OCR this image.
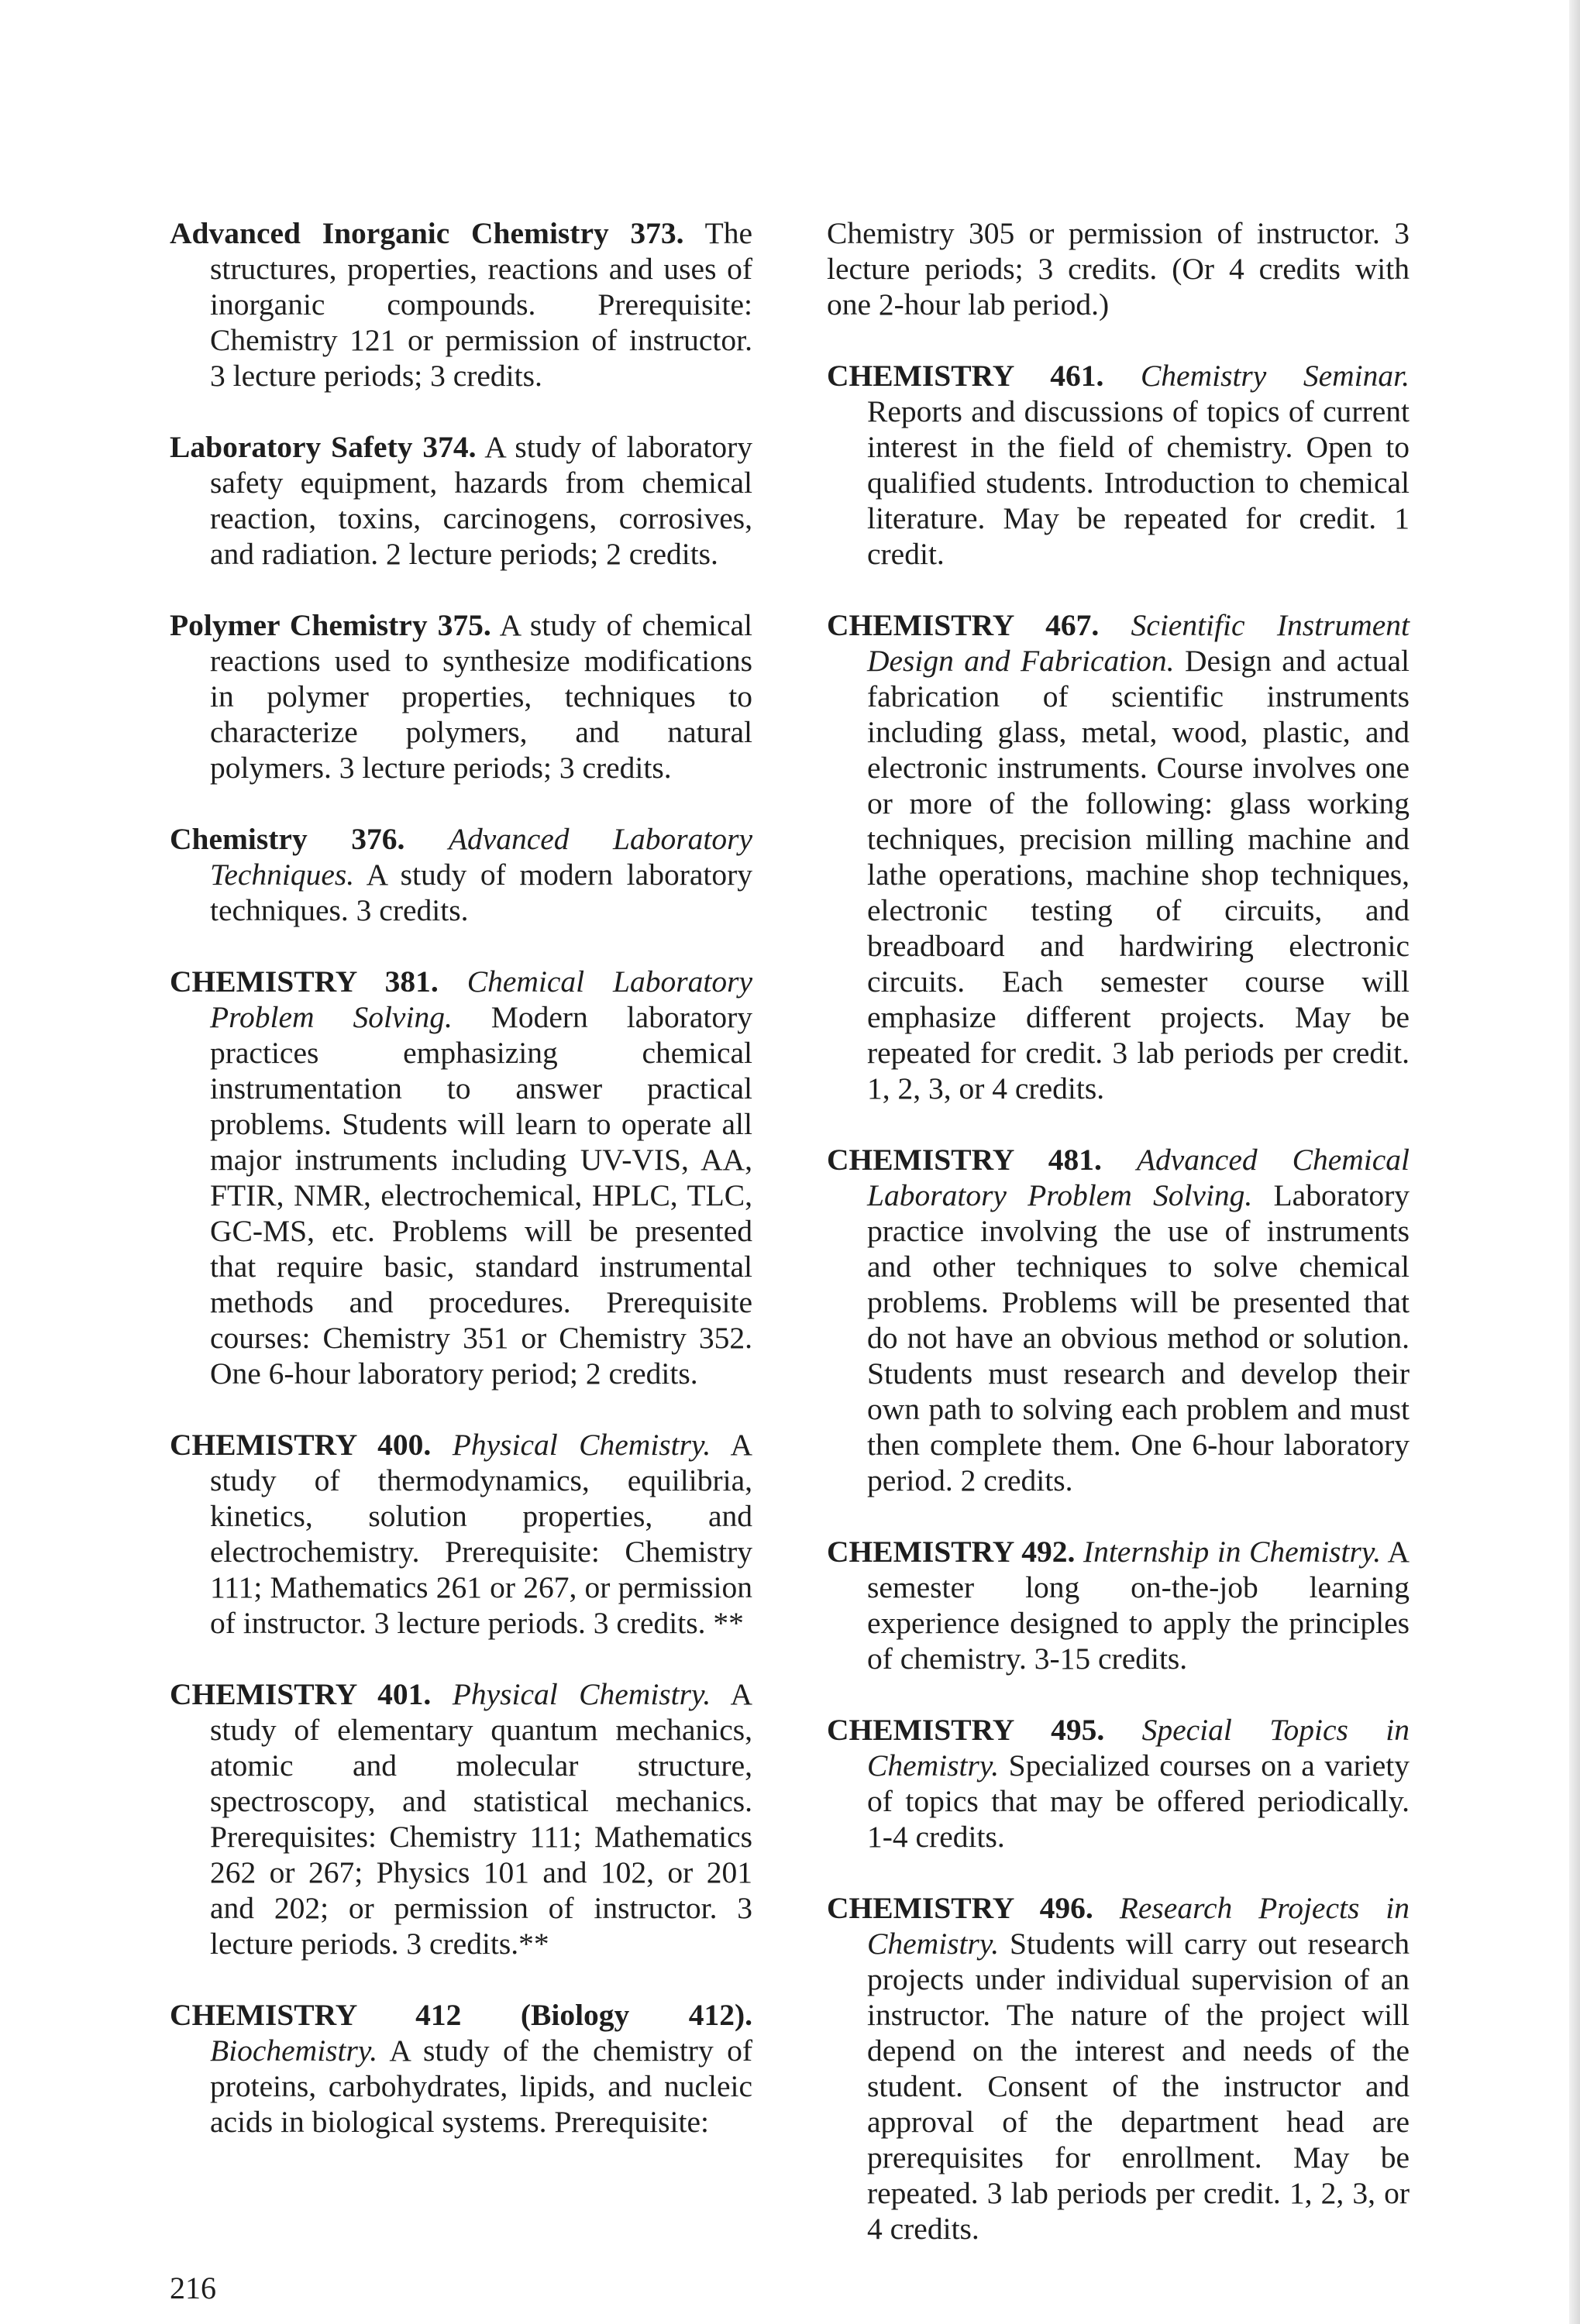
Advanced Inorganic Chemistry 373. The structures, properties, reactions and uses of inorganic compounds. Prerequisite: Chemistry 121 or permission of instructor. 3 lecture periods; 3 credits.

Laboratory Safety 374. A study of laboratory safety equipment, hazards from chemical reaction, toxins, carcinogens, corrosives, and radiation. 2 lecture periods; 2 credits.

Polymer Chemistry 375. A study of chemical reactions used to synthesize modifications in polymer properties, techniques to characterize polymers, and natural polymers. 3 lecture periods; 3 credits.

Chemistry 376. Advanced Laboratory Techniques. A study of modern laboratory techniques. 3 credits.

CHEMISTRY 381. Chemical Laboratory Problem Solving. Modern laboratory practices emphasizing chemical instrumentation to answer practical problems. Students will learn to operate all major instruments including UV-VIS, AA, FTIR, NMR, electrochemical, HPLC, TLC, GC-MS, etc. Problems will be presented that require basic, standard instrumental methods and procedures. Prerequisite courses: Chemistry 351 or Chemistry 352. One 6-hour laboratory period; 2 credits.

CHEMISTRY 400. Physical Chemistry. A study of thermodynamics, equilibria, kinetics, solution properties, and electrochemistry. Prerequisite: Chemistry 111; Mathematics 261 or 267, or permission of instructor. 3 lecture periods. 3 credits. **

CHEMISTRY 401. Physical Chemistry. A study of elementary quantum mechanics, atomic and molecular structure, spectroscopy, and statistical mechanics. Prerequisites: Chemistry 111; Mathematics 262 or 267; Physics 101 and 102, or 201 and 202; or permission of instructor. 3 lecture periods. 3 credits.**

CHEMISTRY 412 (Biology 412). Biochemistry. A study of the chemistry of proteins, carbohydrates, lipids, and nucleic acids in biological systems. Prerequisite:

Chemistry 305 or permission of instructor. 3 lecture periods; 3 credits. (Or 4 credits with one 2-hour lab period.)

CHEMISTRY 461. Chemistry Seminar. Reports and discussions of topics of current interest in the field of chemistry. Open to qualified students. Introduction to chemical literature. May be repeated for credit. 1 credit.

CHEMISTRY 467. Scientific Instrument Design and Fabrication. Design and actual fabrication of scientific instruments including glass, metal, wood, plastic, and electronic instruments. Course involves one or more of the following: glass working techniques, precision milling machine and lathe operations, machine shop techniques, electronic testing of circuits, and breadboard and hardwiring electronic circuits. Each semester course will emphasize different projects. May be repeated for credit. 3 lab periods per credit. 1, 2, 3, or 4 credits.

CHEMISTRY 481. Advanced Chemical Laboratory Problem Solving. Laboratory practice involving the use of instruments and other techniques to solve chemical problems. Problems will be presented that do not have an obvious method or solution. Students must research and develop their own path to solving each problem and must then complete them. One 6-hour laboratory period. 2 credits.

CHEMISTRY 492. Internship in Chemistry. A semester long on-the-job learning experience designed to apply the principles of chemistry. 3-15 credits.

CHEMISTRY 495. Special Topics in Chemistry. Specialized courses on a variety of topics that may be offered periodically. 1-4 credits.

CHEMISTRY 496. Research Projects in Chemistry. Students will carry out research projects under individual supervision of an instructor. The nature of the project will depend on the interest and needs of the student. Consent of the instructor and approval of the department head are prerequisites for enrollment. May be repeated. 3 lab periods per credit. 1, 2, 3, or 4 credits.

216
